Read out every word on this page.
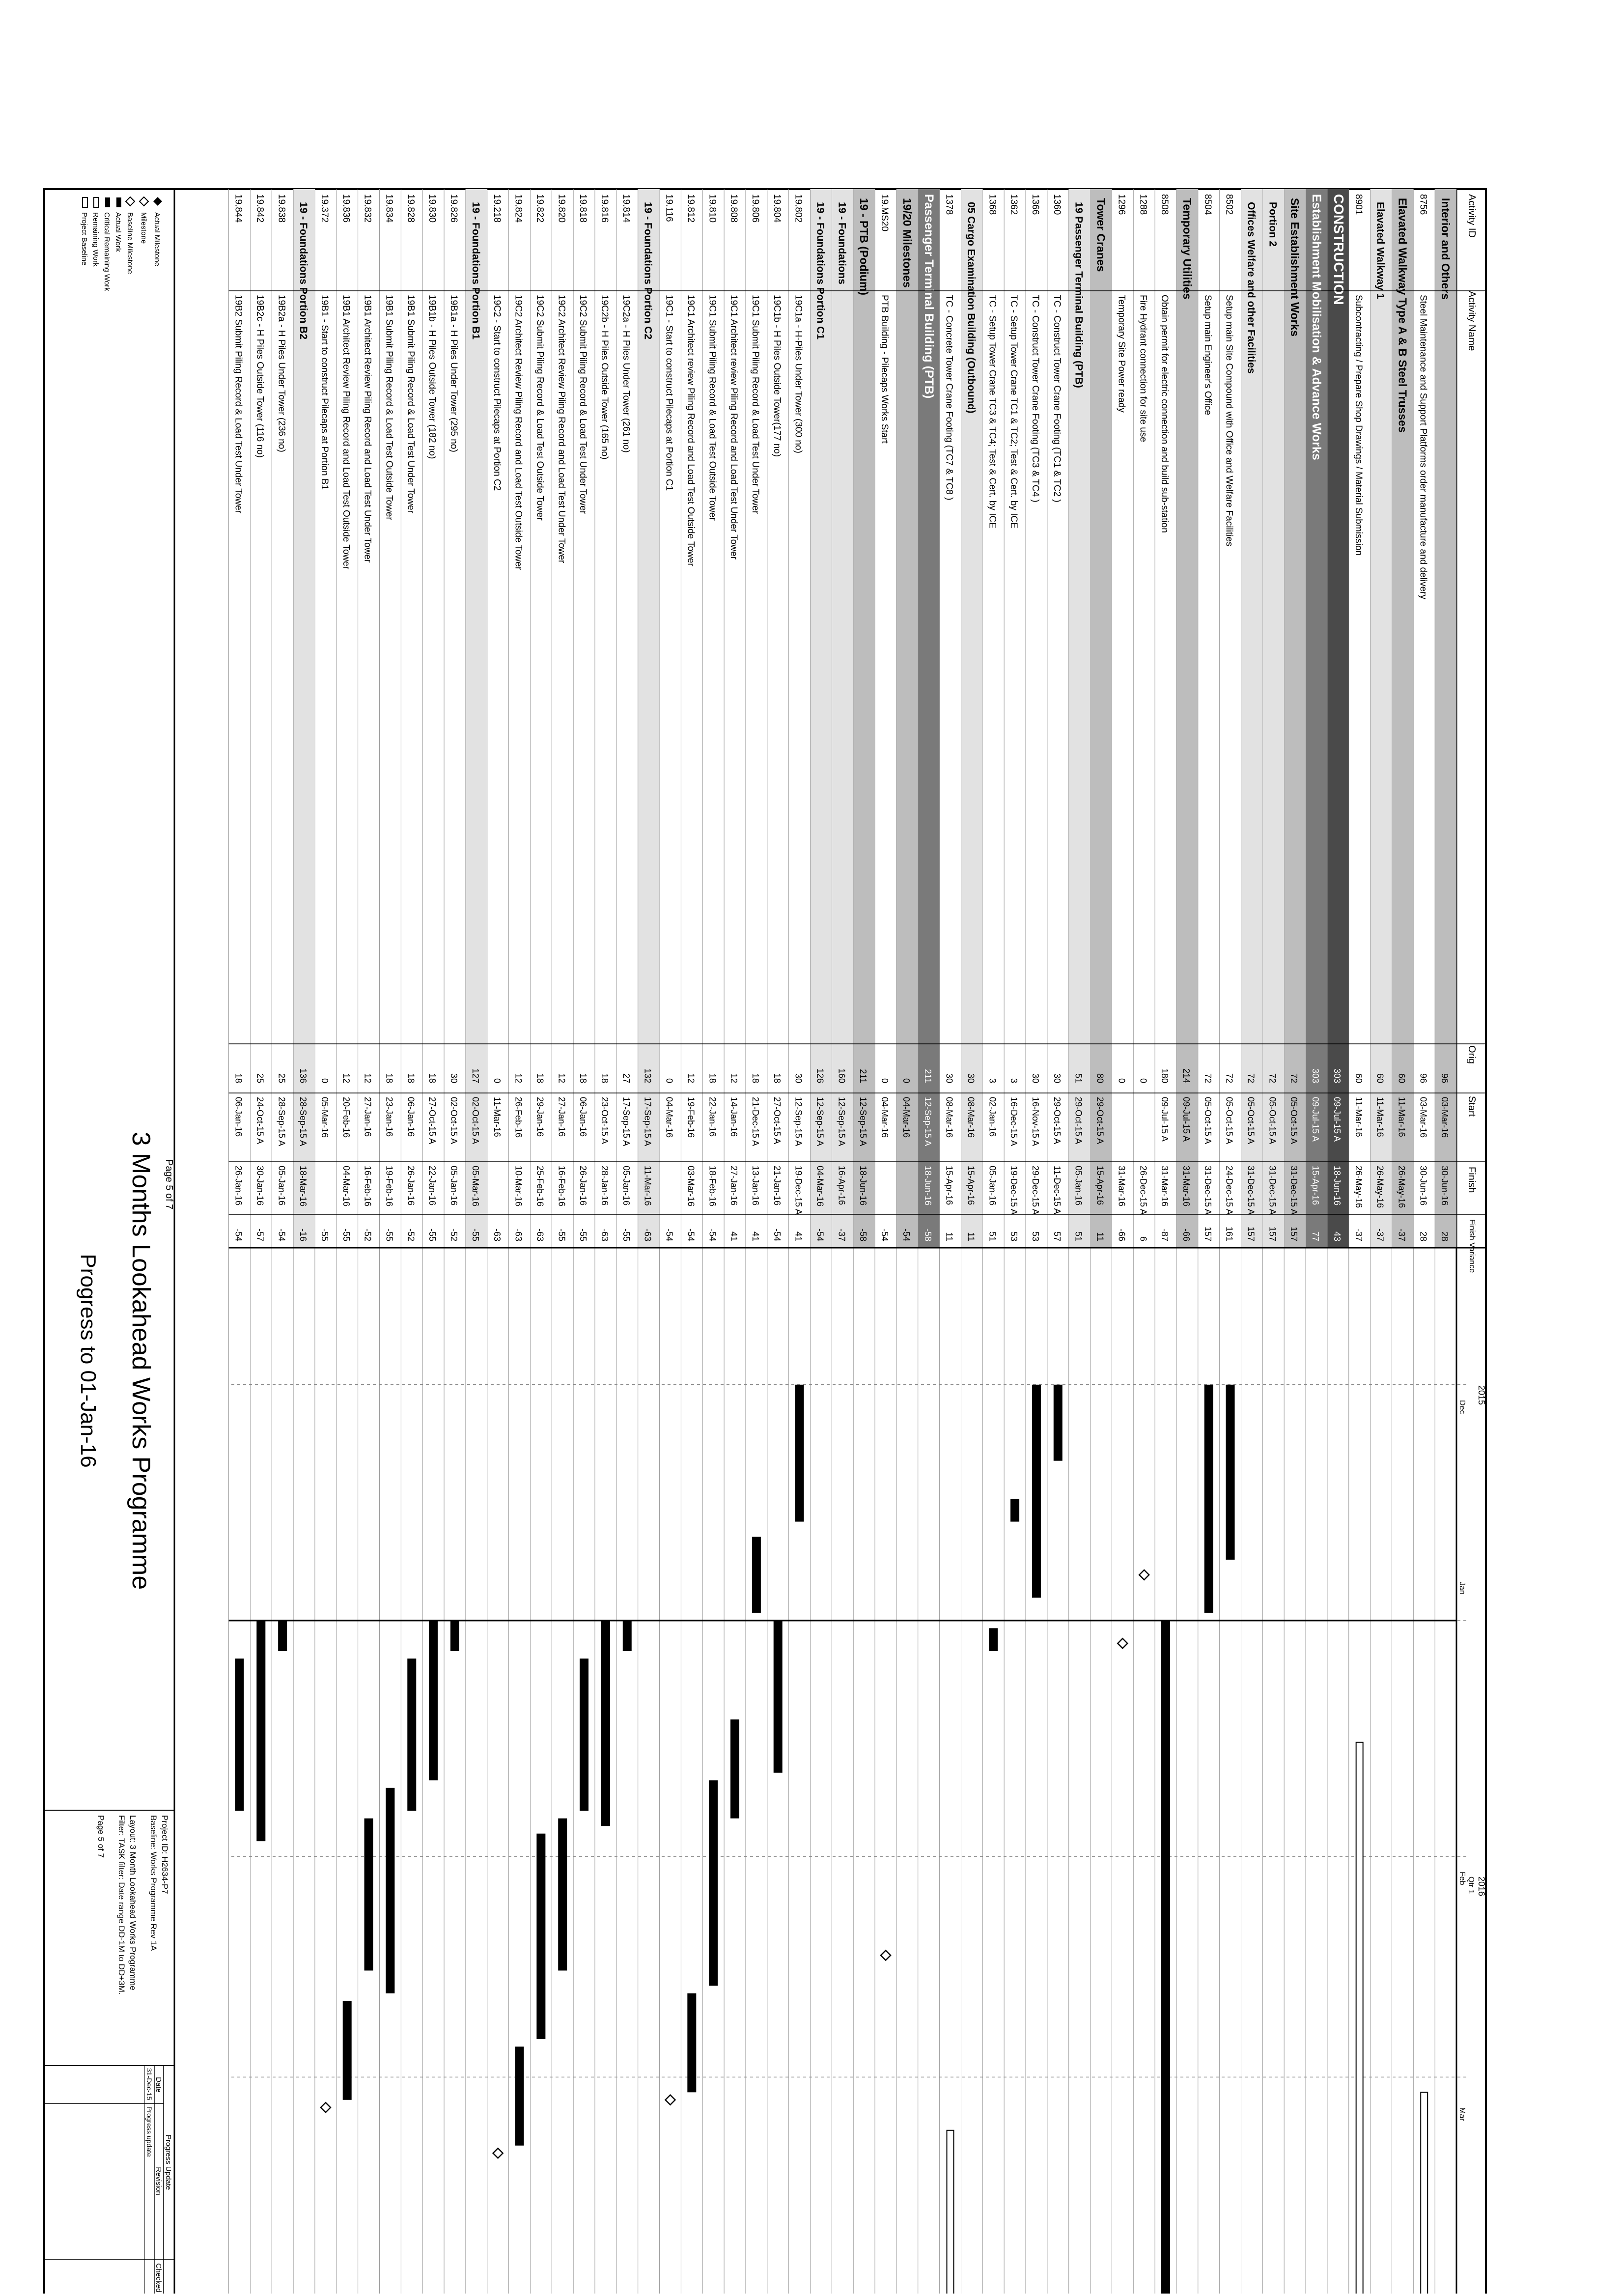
Activity ID
Activity Name
Orig
Start
Finish
Finish Variance
2015
2016
Qtr 1
Dec
Jan
Feb
Mar
Interior and Others
96
03-Mar-16
30-Jun-16
28
8756
Steel Maintenance and Support Platforms order manufacture and delivery
96
03-Mar-16
30-Jun-16
28
Elavated Walkway Type A & B Steel Trusses
60
11-Mar-16
26-May-16
-37
Elavated Walkway 1
60
11-Mar-16
26-May-16
-37
8901
Subcontracting / Prepare Shop Drawings / Material Submission
60
11-Mar-16
26-May-16
-37
CONSTRUCTION
303
09-Jul-15 A
18-Jun-16
43
Establishment Mobilisation & Advance Works
303
09-Jul-15 A
15-Apr-16
77
Site Establishment Works
72
05-Oct-15 A
31-Dec-15 A
157
Portion 2
72
05-Oct-15 A
31-Dec-15 A
157
Offices Welfare and other Facilities
72
05-Oct-15 A
31-Dec-15 A
157
8502
Setup main Site Compound with Office and Welfare Facilities
72
05-Oct-15 A
24-Dec-15 A
161
8504
Setup main Engineer's Office
72
05-Oct-15 A
31-Dec-15 A
157
Temporary Utilities
214
09-Jul-15 A
31-Mar-16
-66
8508
Obtain permit for electric connection and build sub-station
180
09-Jul-15 A
31-Mar-16
-87
1288
Fire Hydrant connection for site use
0
26-Dec-15 A
6
1296
Temporary Site Power ready
0
31-Mar-16
-66
Tower Cranes
80
29-Oct-15 A
15-Apr-16
11
19 Passenger Terminal Building (PTB)
51
29-Oct-15 A
05-Jan-16
51
1360
TC - Construct Tower Crane Footing (TC1 & TC2 )
30
29-Oct-15 A
11-Dec-15 A
57
1366
TC - Construct Tower Crane Footing (TC3 & TC4 )
30
16-Nov-15 A
29-Dec-15 A
53
1362
TC - Setup Tower Crane TC1 & TC2; Test & Cert. by ICE
3
16-Dec-15 A
19-Dec-15 A
53
1368
TC - Setup Tower Crane TC3 & TC4; Test & Cert. by ICE
3
02-Jan-16
05-Jan-16
51
05 Cargo Examination Building (Outbound)
30
08-Mar-16
15-Apr-16
11
1378
TC - Concrete Tower Crane Footing (TC7 & TC8 )
30
08-Mar-16
15-Apr-16
11
Passenger Terminal Building (PTB)
211
12-Sep-15 A
18-Jun-16
-58
19/20 Milestones
0
04-Mar-16
-54
19.MS20
PTB Building - Pilecaps Works Start
0
04-Mar-16
-54
19 - PTB (Podium)
211
12-Sep-15 A
18-Jun-16
-58
19 - Foundations
160
12-Sep-15 A
16-Apr-16
-37
19 - Foundations Portion C1
126
12-Sep-15 A
04-Mar-16
-54
19.802
19C1a - H-Piles Under Tower (300 no)
30
12-Sep-15 A
19-Dec-15 A
41
19.804
19C1b - H Piles Outside Tower(177 no)
18
27-Oct-15 A
21-Jan-16
-54
19.806
19C1 Submit Piling Record & Load Test Under Tower
18
21-Dec-15 A
13-Jan-16
41
19.808
19C1 Architect review Piling Record and Load Test Under Tower
12
14-Jan-16
27-Jan-16
41
19.810
19C1 Submit Piling Record & Load Test Outside Tower
18
22-Jan-16
18-Feb-16
-54
19.812
19C1 Architect review Piling Record and Load Test Outside Tower
12
19-Feb-16
03-Mar-16
-54
19.116
19C1 - Start to construct Pilecaps at Portion C1
0
04-Mar-16
-54
19 - Foundations Portion C2
132
17-Sep-15 A
11-Mar-16
-63
19.814
19C2a - H Piles Under Tower (261 no)
27
17-Sep-15 A
05-Jan-16
-55
19.816
19C2b - H Piles Outside Tower (165 no)
18
23-Oct-15 A
28-Jan-16
-63
19.818
19C2 Submit Piling Record & Load Test Under Tower
18
06-Jan-16
26-Jan-16
-55
19.820
19C2 Architect Review Piling Record and Load Test Under Tower
12
27-Jan-16
16-Feb-16
-55
19.822
19C2 Submit Piling Record & Load Test Outside Tower
18
29-Jan-16
25-Feb-16
-63
19.824
19C2 Architect Review Piling Record and Load Test Outside Tower
12
26-Feb-16
10-Mar-16
-63
19.218
19C2 - Start to construct Pilecaps at Portion C2
0
11-Mar-16
-63
19 - Foundations Portion B1
127
02-Oct-15 A
05-Mar-16
-55
19.826
19B1a - H Piles Under Tower (295 no)
30
02-Oct-15 A
05-Jan-16
-52
19.830
19B1b - H Piles Outside Tower (182 no)
18
27-Oct-15 A
22-Jan-16
-55
19.828
19B1 Submit Piling Record & Load Test Under Tower
18
06-Jan-16
26-Jan-16
-52
19.834
19B1 Submit Piling Record & Load Test Outside Tower
18
23-Jan-16
19-Feb-16
-55
19.832
19B1 Architect Review Piling Record and Load Test Under Tower
12
27-Jan-16
16-Feb-16
-52
19.836
19B1 Architect Review Piling Record and Load Test Outside Tower
12
20-Feb-16
04-Mar-16
-55
19.372
19B1 - Start to construct Pilecaps at Portion B1
0
05-Mar-16
-55
19 - Foundations Portion B2
136
28-Sep-15 A
18-Mar-16
-16
19.838
19B2a - H Piles Under Tower (236 no)
25
28-Sep-15 A
05-Jan-16
-54
19.842
19B2c - H Piles Outside Tower (116 no)
25
24-Oct-15 A
30-Jan-16
-57
19.844
19B2 Submit Piling Record & Load Test Under Tower
18
06-Jan-16
26-Jan-16
-54
Page 5 of 7
3 Months Lookahead Works Programme
Progress to 01-Jan-16
Actual Milestone
Milestone
Baseline Milestone
Actual Work
Critical Remaining Work
Remaining Work
Project Baseline
Project ID: H2634-P7
Baseline: Works Programme Rev 1A
Layout: 3 Month Lookahead Works Programme
Filter: TASK filter: Date range DD-1M to DD+3M.
Page 5 of 7
Progress Update
Date
Revision
Checked
31-Dec-15
Progress update
